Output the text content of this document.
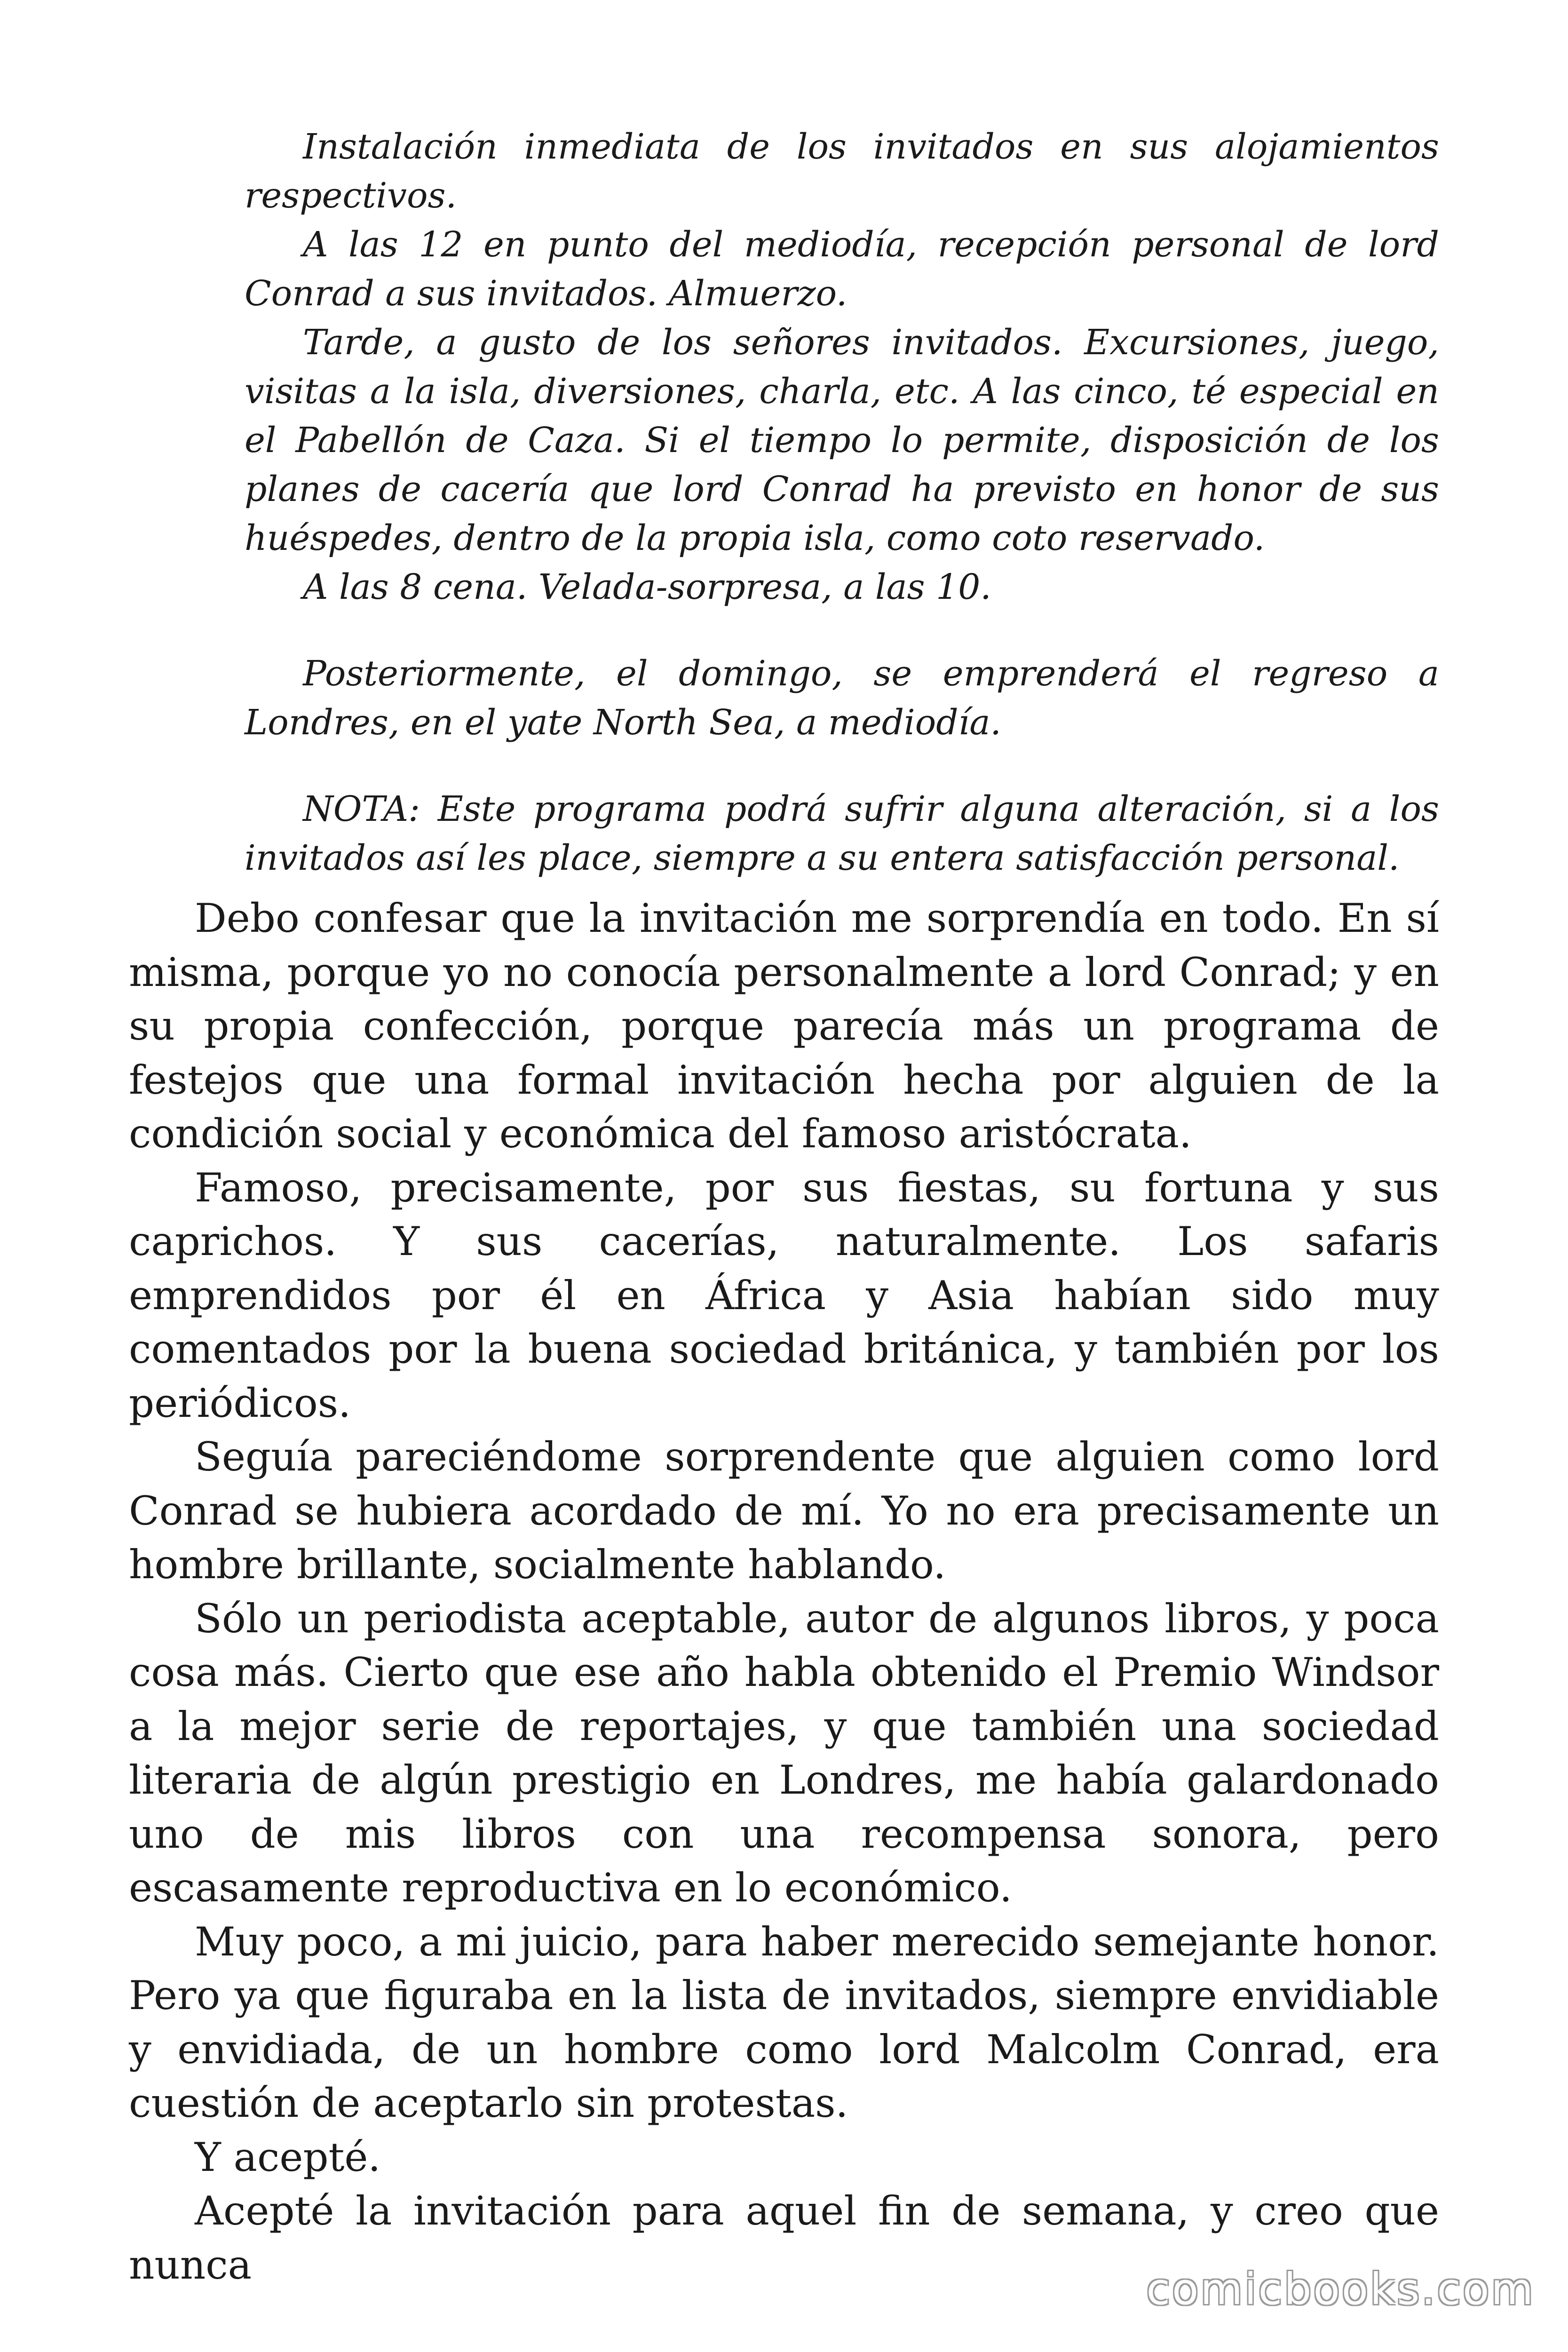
Instalación inmediata de los invitados en sus alojamientos respectivos.

A las 12 en punto del mediodía, recepción personal de lord Conrad a sus invitados. Almuerzo.

Tarde, a gusto de los señores invitados. Excursiones, juego, visitas a la isla, diversiones, charla, etc. A las cinco, té especial en el Pabellón de Caza. Si el tiempo lo permite, disposición de los planes de cacería que lord Conrad ha previsto en honor de sus huéspedes, dentro de la propia isla, como coto reservado.

A las 8 cena. Velada-sorpresa, a las 10.

Posteriormente, el domingo, se emprenderá el regreso a Londres, en el yate North Sea, a mediodía.

NOTA: Este programa podrá sufrir alguna alteración, si a los invitados así les place, siempre a su entera satisfacción personal.

Debo confesar que la invitación me sorprendía en todo. En sí misma, porque yo no conocía personalmente a lord Conrad; y en su propia confección, porque parecía más un programa de festejos que una formal invitación hecha por alguien de la condición social y económica del famoso aristócrata.

Famoso, precisamente, por sus fiestas, su fortuna y sus caprichos. Y sus cacerías, naturalmente. Los safaris emprendidos por él en África y Asia habían sido muy comentados por la buena sociedad británica, y también por los periódicos.

Seguía pareciéndome sorprendente que alguien como lord Conrad se hubiera acordado de mí. Yo no era precisamente un hombre brillante, socialmente hablando.

Sólo un periodista aceptable, autor de algunos libros, y poca cosa más. Cierto que ese año habla obtenido el Premio Windsor a la mejor serie de reportajes, y que también una sociedad literaria de algún prestigio en Londres, me había galardonado uno de mis libros con una recompensa sonora, pero escasamente reproductiva en lo económico.

Muy poco, a mi juicio, para haber merecido semejante honor. Pero ya que figuraba en la lista de invitados, siempre envidiable y envidiada, de un hombre como lord Malcolm Conrad, era cuestión de aceptarlo sin protestas.

Y acepté.

Acepté la invitación para aquel fin de semana, y creo que nunca	comicbooks.com
